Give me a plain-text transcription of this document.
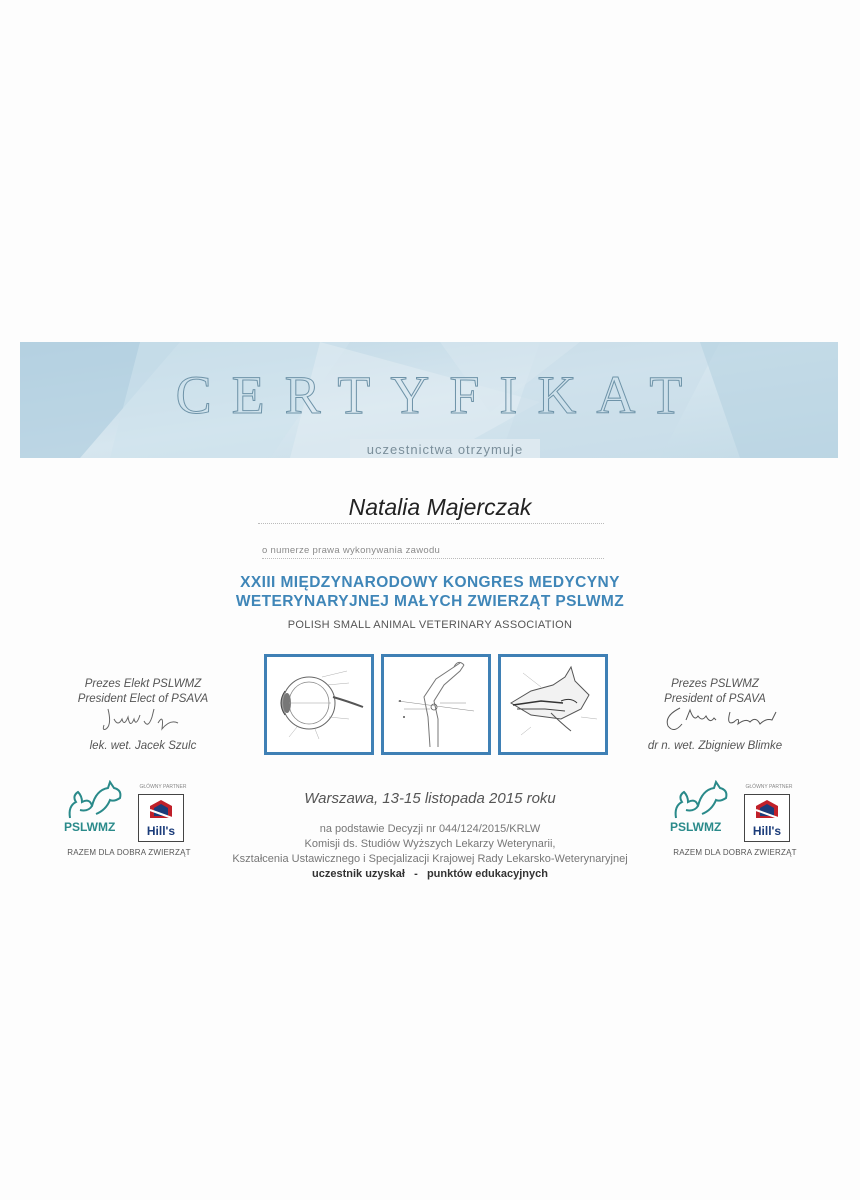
CERTYFIKAT
uczestnictwa otrzymuje
Natalia Majerczak
o numerze prawa wykonywania zawodu
XXIII MIĘDZYNARODOWY KONGRES MEDYCYNY
WETERYNARYJNEJ MAŁYCH ZWIERZĄT PSLWMZ
POLISH SMALL ANIMAL VETERINARY ASSOCIATION
Prezes Elekt PSLWMZ
President Elect of PSAVA
lek. wet. Jacek Szulc
Prezes PSLWMZ
President of PSAVA
dr n. wet. Zbigniew Blimke
PSLWMZ
GŁÓWNY PARTNER
Hill's
RAZEM DLA DOBRA ZWIERZĄT
PSLWMZ
GŁÓWNY PARTNER
Hill's
RAZEM DLA DOBRA ZWIERZĄT
Warszawa, 13-15 listopada 2015 roku
na podstawie Decyzji nr 044/124/2015/KRLW
Komisji ds. Studiów Wyższych Lekarzy Weterynarii,
Kształcenia Ustawicznego i Specjalizacji Krajowej Rady Lekarsko-Weterynaryjnej
uczestnik uzyskał   -   punktów edukacyjnych
